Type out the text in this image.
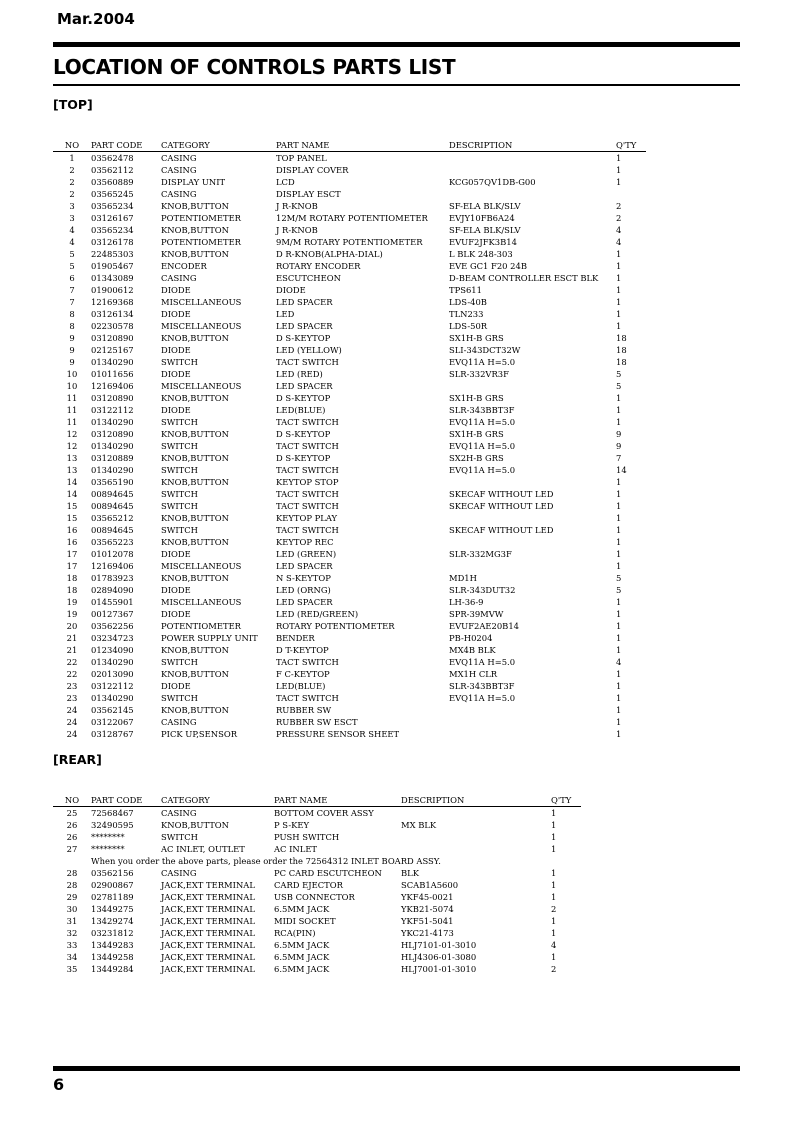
Mar.2004
LOCATION OF CONTROLS PARTS LIST
[TOP]
NO	PART CODE	CATEGORY	PART NAME	DESCRIPTION	Q'TY
1	03562478	CASING	TOP PANEL		1
2	03562112	CASING	DISPLAY COVER		1
2	03560889	DISPLAY UNIT	LCD	KCG057QV1DB-G00	1
2	03565245	CASING	DISPLAY ESCT		
3	03565234	KNOB,BUTTON	J R-KNOB	SF-ELA BLK/SLV	2
3	03126167	POTENTIOMETER	12M/M ROTARY POTENTIOMETER	EVJY10FB6A24	2
4	03565234	KNOB,BUTTON	J R-KNOB	SF-ELA BLK/SLV	4
4	03126178	POTENTIOMETER	9M/M ROTARY POTENTIOMETER	EVUF2JFK3B14	4
5	22485303	KNOB,BUTTON	D R-KNOB(ALPHA-DIAL)	L BLK 248-303	1
5	01905467	ENCODER	ROTARY ENCODER	EVE GC1 F20 24B	1
6	01343089	CASING	ESCUTCHEON	D-BEAM CONTROLLER ESCT BLK	1
7	01900612	DIODE	DIODE	TPS611	1
7	12169368	MISCELLANEOUS	LED SPACER	LDS-40B	1
8	03126134	DIODE	LED	TLN233	1
8	02230578	MISCELLANEOUS	LED SPACER	LDS-50R	1
9	03120890	KNOB,BUTTON	D S-KEYTOP	SX1H-B GRS	18
9	02125167	DIODE	LED (YELLOW)	SLI-343DCT32W	18
9	01340290	SWITCH	TACT SWITCH	EVQ11A H=5.0	18
10	01011656	DIODE	LED (RED)	SLR-332VR3F	5
10	12169406	MISCELLANEOUS	LED SPACER		5
11	03120890	KNOB,BUTTON	D S-KEYTOP	SX1H-B GRS	1
11	03122112	DIODE	LED(BLUE)	SLR-343BBT3F	1
11	01340290	SWITCH	TACT SWITCH	EVQ11A H=5.0	1
12	03120890	KNOB,BUTTON	D S-KEYTOP	SX1H-B GRS	9
12	01340290	SWITCH	TACT SWITCH	EVQ11A H=5.0	9
13	03120889	KNOB,BUTTON	D S-KEYTOP	SX2H-B GRS	7
13	01340290	SWITCH	TACT SWITCH	EVQ11A H=5.0	14
14	03565190	KNOB,BUTTON	KEYTOP STOP		1
14	00894645	SWITCH	TACT SWITCH	SKECAF WITHOUT LED	1
15	00894645	SWITCH	TACT SWITCH	SKECAF WITHOUT LED	1
15	03565212	KNOB,BUTTON	KEYTOP PLAY		1
16	00894645	SWITCH	TACT SWITCH	SKECAF WITHOUT LED	1
16	03565223	KNOB,BUTTON	KEYTOP REC		1
17	01012078	DIODE	LED (GREEN)	SLR-332MG3F	1
17	12169406	MISCELLANEOUS	LED SPACER		1
18	01783923	KNOB,BUTTON	N S-KEYTOP	MD1H	5
18	02894090	DIODE	LED (ORNG)	SLR-343DUT32	5
19	01455901	MISCELLANEOUS	LED SPACER	LH-36-9	1
19	00127367	DIODE	LED (RED/GREEN)	SPR-39MVW	1
20	03562256	POTENTIOMETER	ROTARY POTENTIOMETER	EVUF2AE20B14	1
21	03234723	POWER SUPPLY UNIT	BENDER	PB-H0204	1
21	01234090	KNOB,BUTTON	D T-KEYTOP	MX4B BLK	1
22	01340290	SWITCH	TACT SWITCH	EVQ11A H=5.0	4
22	02013090	KNOB,BUTTON	F C-KEYTOP	MX1H CLR	1
23	03122112	DIODE	LED(BLUE)	SLR-343BBT3F	1
23	01340290	SWITCH	TACT SWITCH	EVQ11A H=5.0	1
24	03562145	KNOB,BUTTON	RUBBER SW		1
24	03122067	CASING	RUBBER SW ESCT		1
24	03128767	PICK UP,SENSOR	PRESSURE SENSOR SHEET		1
[REAR]
NO	PART CODE	CATEGORY	PART NAME	DESCRIPTION	Q'TY
25	72568467	CASING	BOTTOM COVER ASSY		1
26	32490595	KNOB,BUTTON	P S-KEY	MX BLK	1
26	********	SWITCH	PUSH SWITCH		1
27	********	AC INLET, OUTLET	AC INLET		1
	When you order the above parts, please order the 72564312 INLET BOARD ASSY.				
28	03562156	CASING	PC CARD ESCUTCHEON	BLK	1
28	02900867	JACK,EXT TERMINAL	CARD EJECTOR	SCAB1A5600	1
29	02781189	JACK,EXT TERMINAL	USB CONNECTOR	YKF45-0021	1
30	13449275	JACK,EXT TERMINAL	6.5MM JACK	YKB21-5074	2
31	13429274	JACK,EXT TERMINAL	MIDI SOCKET	YKF51-5041	1
32	03231812	JACK,EXT TERMINAL	RCA(PIN)	YKC21-4173	1
33	13449283	JACK,EXT TERMINAL	6.5MM JACK	HLJ7101-01-3010	4
34	13449258	JACK,EXT TERMINAL	6.5MM JACK	HLJ4306-01-3080	1
35	13449284	JACK,EXT TERMINAL	6.5MM JACK	HLJ7001-01-3010	2
6
